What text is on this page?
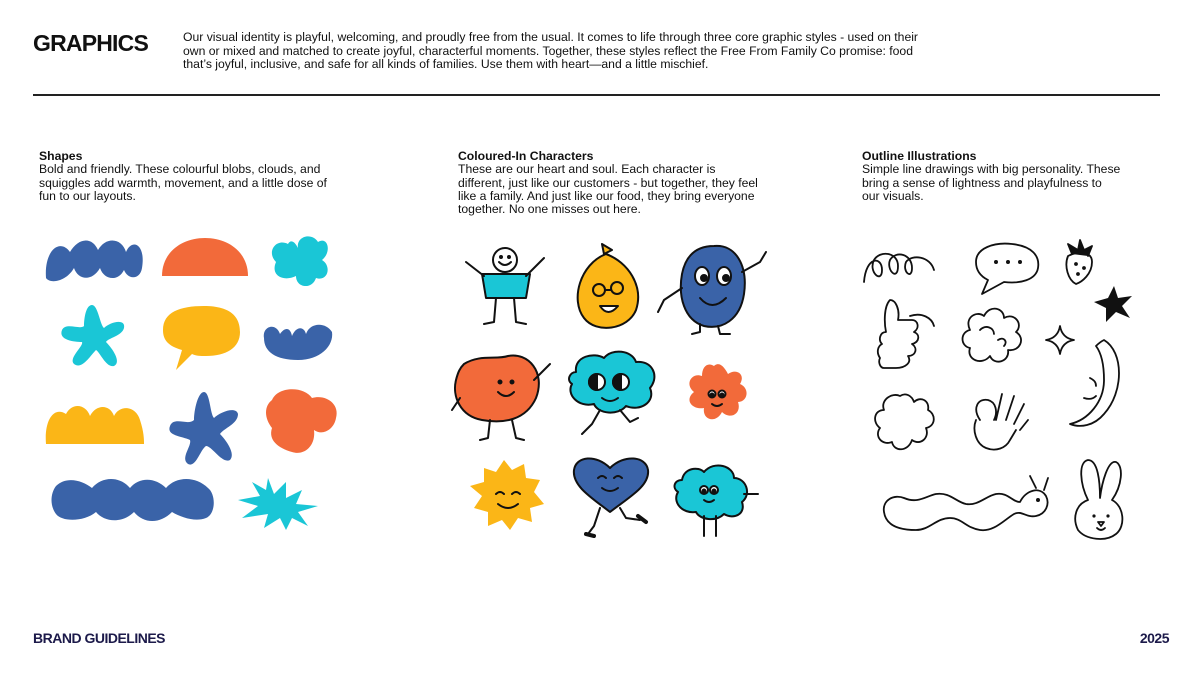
GRAPHICS	Our visual identity is playful, welcoming, and proudly free from the usual. It comes to life through three core graphic styles - used on their own or mixed and matched to create joyful, characterful moments. Together, these styles reflect the Free From Family Co promise: food that’s joyful, inclusive, and safe for all kinds of families. Use them with heart—and a little mischief.
Shapes

Bold and friendly. These colourful blobs, clouds, and squiggles add warmth, movement, and a little dose of fun to our layouts.

Coloured-In Characters

These are our heart and soul. Each character is different, just like our customers - but together, they feel like a family. And just like our food, they bring everyone together. No one misses out here.

Outline Illustrations

Simple line drawings with big personality. These bring a sense of lightness and playfulness to our visuals.

BRAND GUIDELINES	2025
